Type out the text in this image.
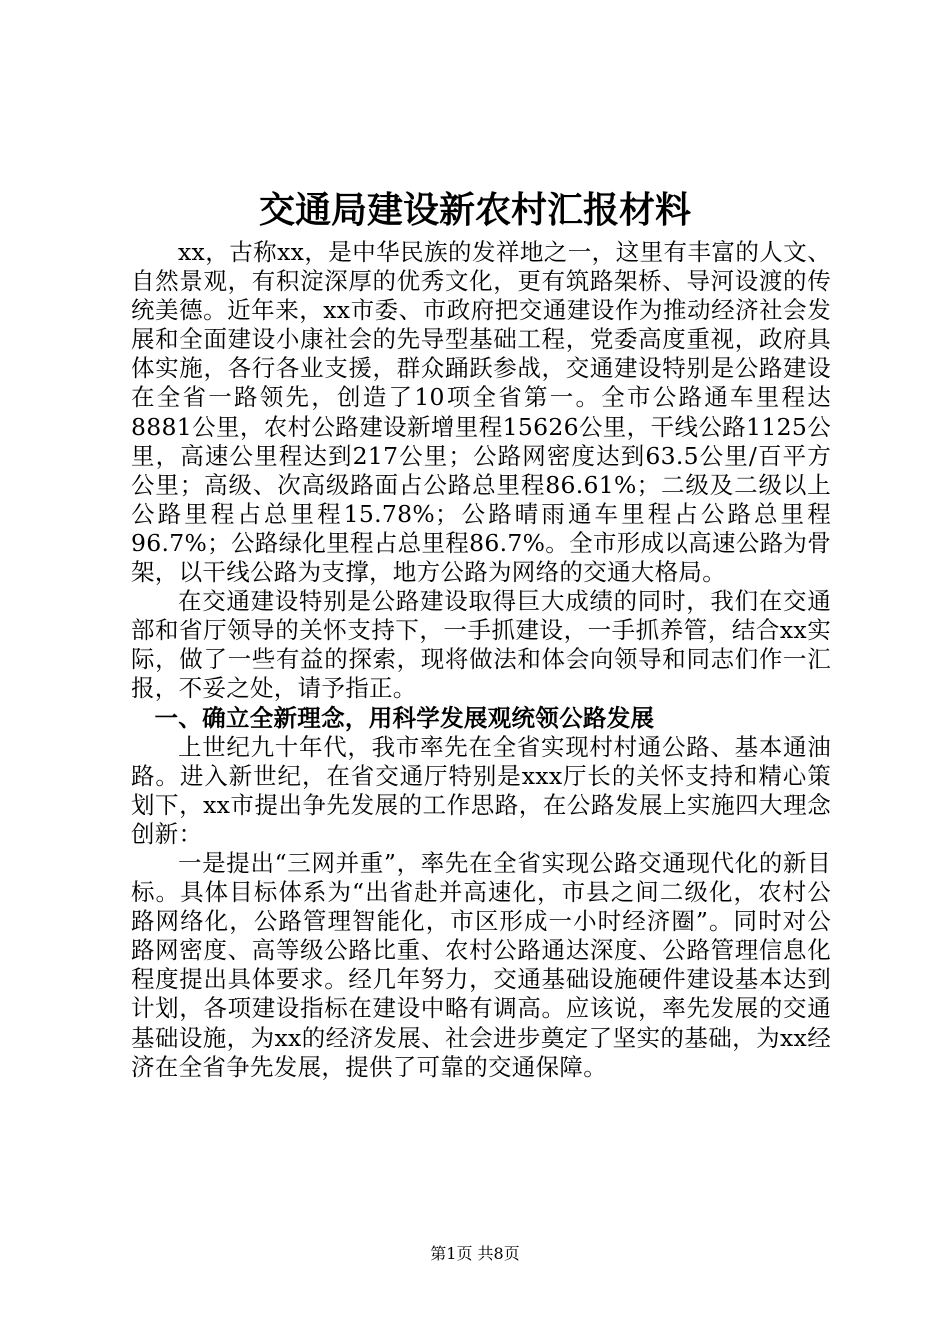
交通局建设新农村汇报材料

xx，古称xx，是中华民族的发祥地之一，这里有丰富的人文、自然景观，有积淀深厚的优秀文化，更有筑路架桥、导河设渡的传统美德。近年来，xx市委、市政府把交通建设作为推动经济社会发展和全面建设小康社会的先导型基础工程，党委高度重视，政府具体实施，各行各业支援，群众踊跃参战，交通建设特别是公路建设在全省一路领先，创造了10项全省第一。全市公路通车里程达8881公里，农村公路建设新增里程15626公里，干线公路1125公里，高速公里程达到217公里；公路网密度达到63.5公里/百平方公里；高级、次高级路面占公路总里程86.61%；二级及二级以上公路里程占总里程15.78%；公路晴雨通车里程占公路总里程96.7%；公路绿化里程占总里程86.7%。全市形成以高速公路为骨架，以干线公路为支撑，地方公路为网络的交通大格局。

在交通建设特别是公路建设取得巨大成绩的同时，我们在交通部和省厅领导的关怀支持下，一手抓建设，一手抓养管，结合xx实际，做了一些有益的探索，现将做法和体会向领导和同志们作一汇报，不妥之处，请予指正。

一、确立全新理念，用科学发展观统领公路发展

上世纪九十年代，我市率先在全省实现村村通公路、基本通油路。进入新世纪，在省交通厅特别是xxx厅长的关怀支持和精心策划下，xx市提出争先发展的工作思路，在公路发展上实施四大理念创新：

一是提出“三网并重”，率先在全省实现公路交通现代化的新目标。具体目标体系为“出省赴并高速化，市县之间二级化，农村公路网络化，公路管理智能化，市区形成一小时经济圈”。同时对公路网密度、高等级公路比重、农村公路通达深度、公路管理信息化程度提出具体要求。经几年努力，交通基础设施硬件建设基本达到计划，各项建设指标在建设中略有调高。应该说，率先发展的交通基础设施，为xx的经济发展、社会进步奠定了坚实的基础，为xx经济在全省争先发展，提供了可靠的交通保障。

第1页 共8页
